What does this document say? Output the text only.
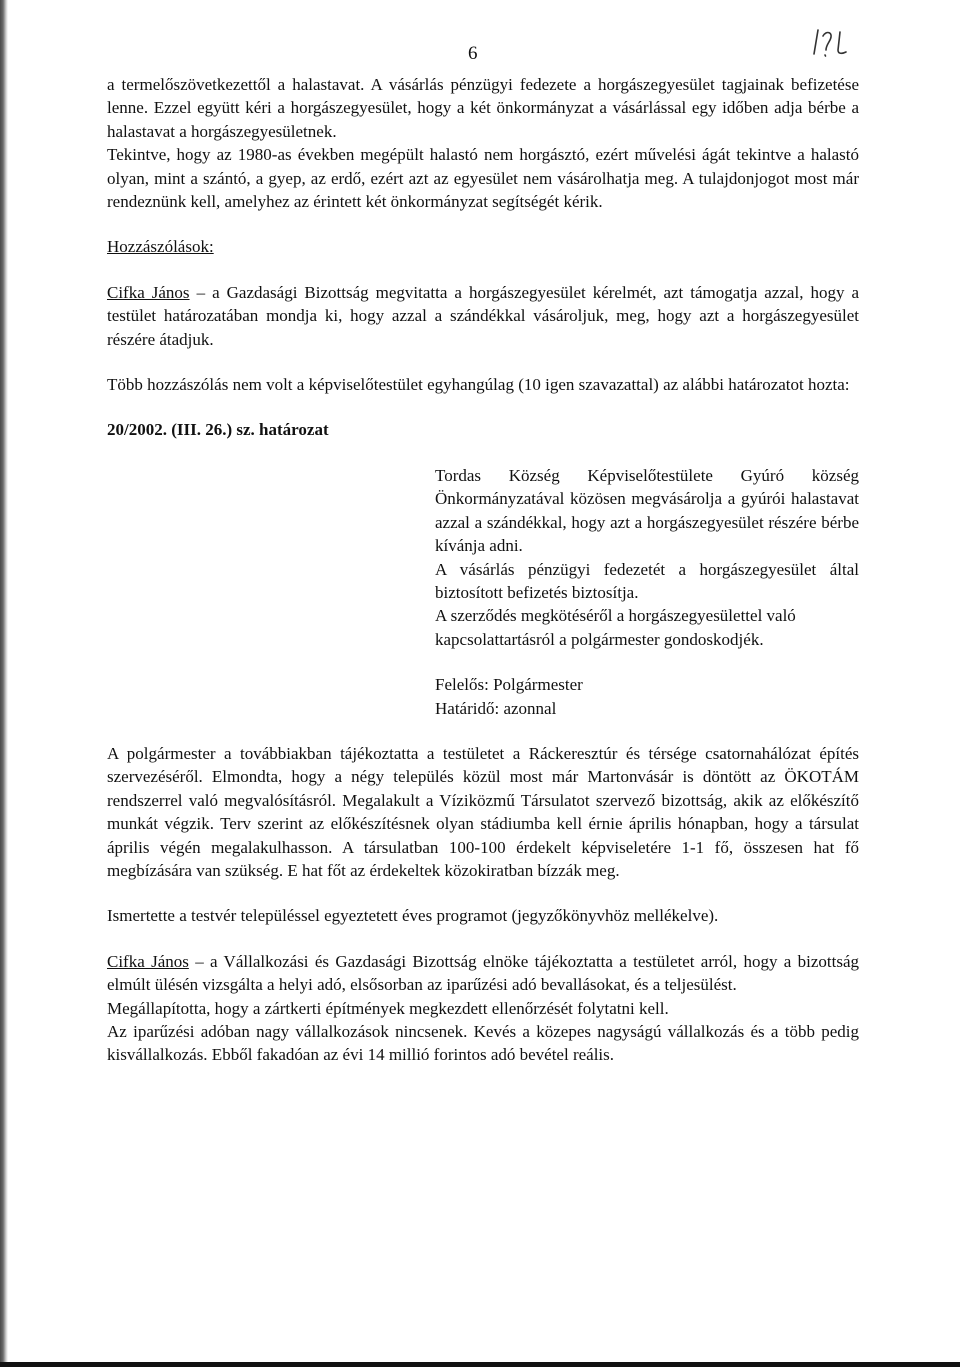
6

a termelőszövetkezettől a halastavat. A vásárlás pénzügyi fedezete a horgászegyesület tagjainak befizetése lenne. Ezzel együtt kéri a horgászegyesület, hogy a két önkormányzat a vásárlással egy időben adja bérbe a halastavat a horgászegyesületnek.

Tekintve, hogy az 1980-as években megépült halastó nem horgásztó, ezért művelési ágát tekintve a halastó olyan, mint a szántó, a gyep, az erdő, ezért azt az egyesület nem vásárolhatja meg. A tulajdonjogot most már rendeznünk kell, amelyhez az érintett két önkormányzat segítségét kérik.

Hozzászólások:

Cifka János – a Gazdasági Bizottság megvitatta a horgászegyesület kérelmét, azt támogatja azzal, hogy a testület határozatában mondja ki, hogy azzal a szándékkal vásároljuk, meg, hogy azt a horgászegyesület részére átadjuk.

Több hozzászólás nem volt a képviselőtestület egyhangúlag (10 igen szavazattal) az alábbi határozatot hozta:

20/2002. (III. 26.) sz. határozat

Tordas Község Képviselőtestülete Gyúró község Önkormányzatával közösen megvásárolja a gyúrói halastavat azzal a szándékkal, hogy azt a horgászegyesület részére bérbe kívánja adni.

A vásárlás pénzügyi fedezetét a horgászegyesület által biztosított befizetés biztosítja.

A szerződés megkötéséről a horgászegyesülettel való kapcsolattartásról a polgármester gondoskodjék.

Felelős: Polgármester

Határidő: azonnal

A polgármester a továbbiakban tájékoztatta a testületet a Ráckeresztúr és térsége csatornahálózat építés szervezéséről. Elmondta, hogy a négy település közül most már Martonvásár is döntött az ÖKOTÁM rendszerrel való megvalósításról. Megalakult a Víziközmű Társulatot szervező bizottság, akik az előkészítő munkát végzik. Terv szerint az előkészítésnek olyan stádiumba kell érnie április hónapban, hogy a társulat április végén megalakulhasson. A társulatban 100-100 érdekelt képviseletére 1-1 fő, összesen hat fő megbízására van szükség. E hat főt az érdekeltek közokiratban bízzák meg.

Ismertette a testvér településsel egyeztetett éves programot (jegyzőkönyvhöz mellékelve).

Cifka János – a Vállalkozási és Gazdasági Bizottság elnöke tájékoztatta a testületet arról, hogy a bizottság elmúlt ülésén vizsgálta a helyi adó, elsősorban az iparűzési adó bevallásokat, és a teljesülést.

Megállapította, hogy a zártkerti építmények megkezdett ellenőrzését folytatni kell.

Az iparűzési adóban nagy vállalkozások nincsenek. Kevés a közepes nagyságú vállalkozás és a több pedig kisvállalkozás. Ebből fakadóan az évi 14 millió forintos adó bevétel reális.
